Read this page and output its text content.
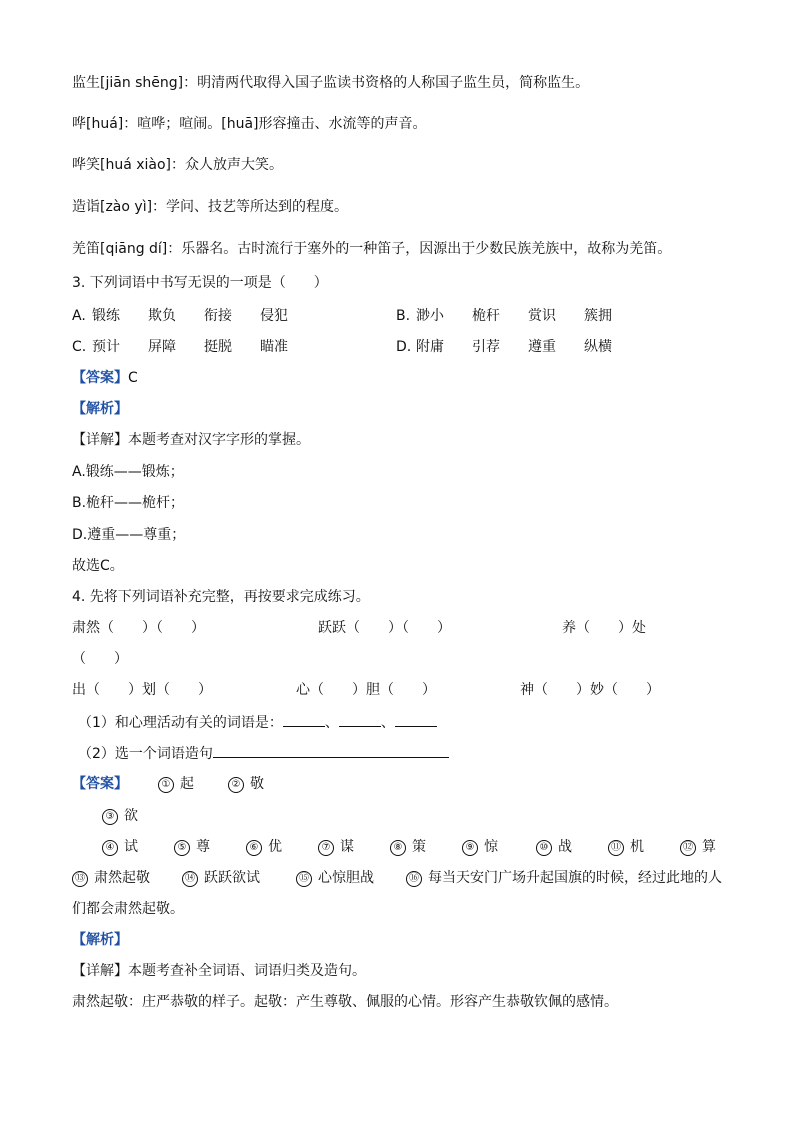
监生[jiān shēng]：明清两代取得入国子监读书资格的人称国子监生员，简称监生。
哗[huá]：喧哗；喧闹。[huā]形容撞击、水流等的声音。
哗笑[huá xiào]：众人放声大笑。
造诣[zào yì]：学问、技艺等所达到的程度。
羌笛[qiāng dí]：乐器名。古时流行于塞外的一种笛子，因源出于少数民族羌族中，故称为羌笛。
3. 下列词语中书写无误的一项是（　　）
A. 锻练 欺负 衔接 侵犯	B. 渺小 桅秆 赏识 簇拥
C. 预计 屏障 挺脱 瞄准	D. 附庸 引荐 遵重 纵横
【答案】C
【解析】
【详解】本题考查对汉字字形的掌握。
A.锻练——锻炼；
B.桅秆——桅杆；
D.遵重——尊重；
故选C。
4. 先将下列词语补充完整，再按要求完成练习。
肃然（　　）（　　）	跃跃（　　）（　　）	养（　　）处
（　　）
出（　　）划（　　）	心（　　）胆（　　）	神（　　）妙（　　）
（1）和心理活动有关的词语是：	、	、
（2）选一个词语造句
【答案】	① 起	② 敬
③ 欲
④ 试	⑤ 尊	⑥ 优	⑦ 谋	⑧ 策	⑨ 惊	⑩ 战	⑪ 机	⑫ 算
⑬ 肃然起敬	⑭ 跃跃欲试	⑮ 心惊胆战	⑯ 每当天安门广场升起国旗的时候，经过此地的人
们都会肃然起敬。
【解析】
【详解】本题考查补全词语、词语归类及造句。
肃然起敬：庄严恭敬的样子。起敬：产生尊敬、佩服的心情。形容产生恭敬钦佩的感情。
